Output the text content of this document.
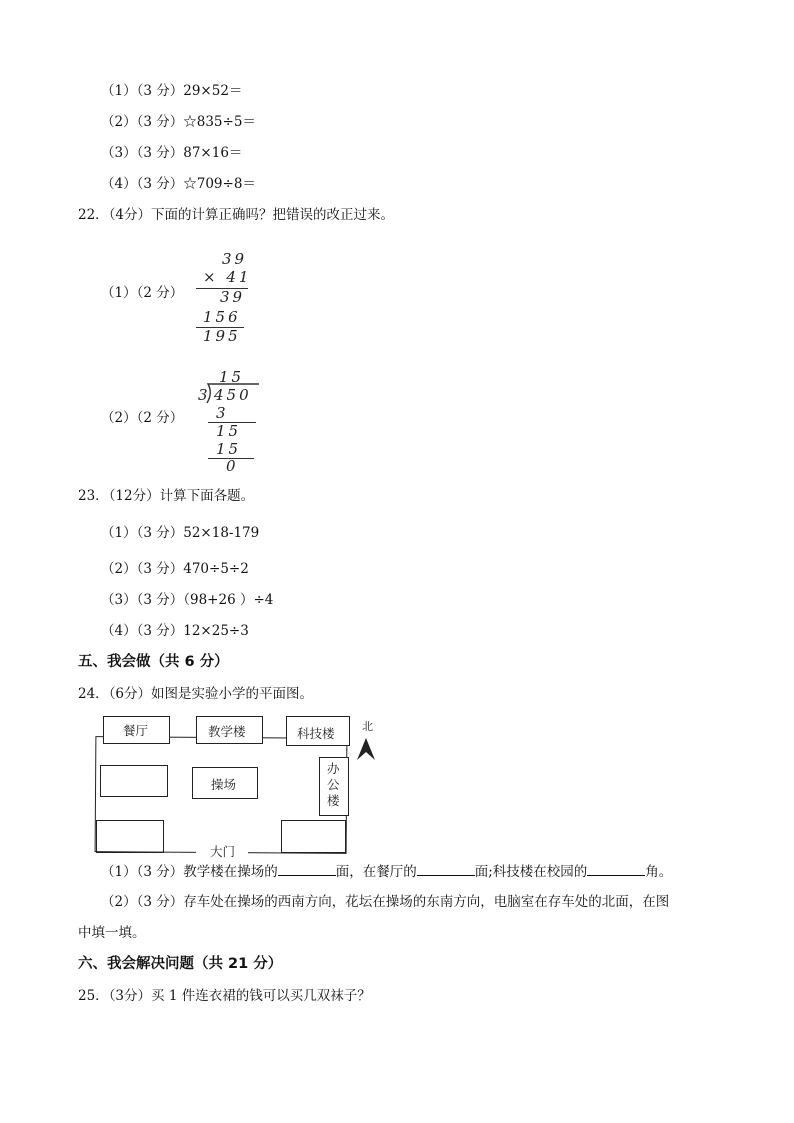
（1）（3 分）29×52＝
（2）（3 分）☆835÷5＝
（3）（3 分）87×16＝
（4）（3 分）☆709÷8＝
22．（4分）下面的计算正确吗？把错误的改正过来。
（1）（2 分）
39
× 41
39
156
195
（2）（2 分）
15
3 450
3
15
15
0
23．（12分）计算下面各题。
（1）（3 分）52×18-179
（2）（3 分）470÷5÷2
（3）（3 分）（98+26 ）÷4
（4）（3 分）12×25÷3
五、我会做（共 6 分）
24．（6分）如图是实验小学的平面图。
餐厅	教学楼	科技楼
操场
办公楼
大门
北
（1）（3 分）教学楼在操场的	面，在餐厅的	面;科技楼在校园的	角。
（2）（3 分）存车处在操场的西南方向，花坛在操场的东南方向，电脑室在存车处的北面，在图
中填一填。
六、我会解决问题（共 21 分）
25．（3分）买 1 件连衣裙的钱可以买几双袜子？
